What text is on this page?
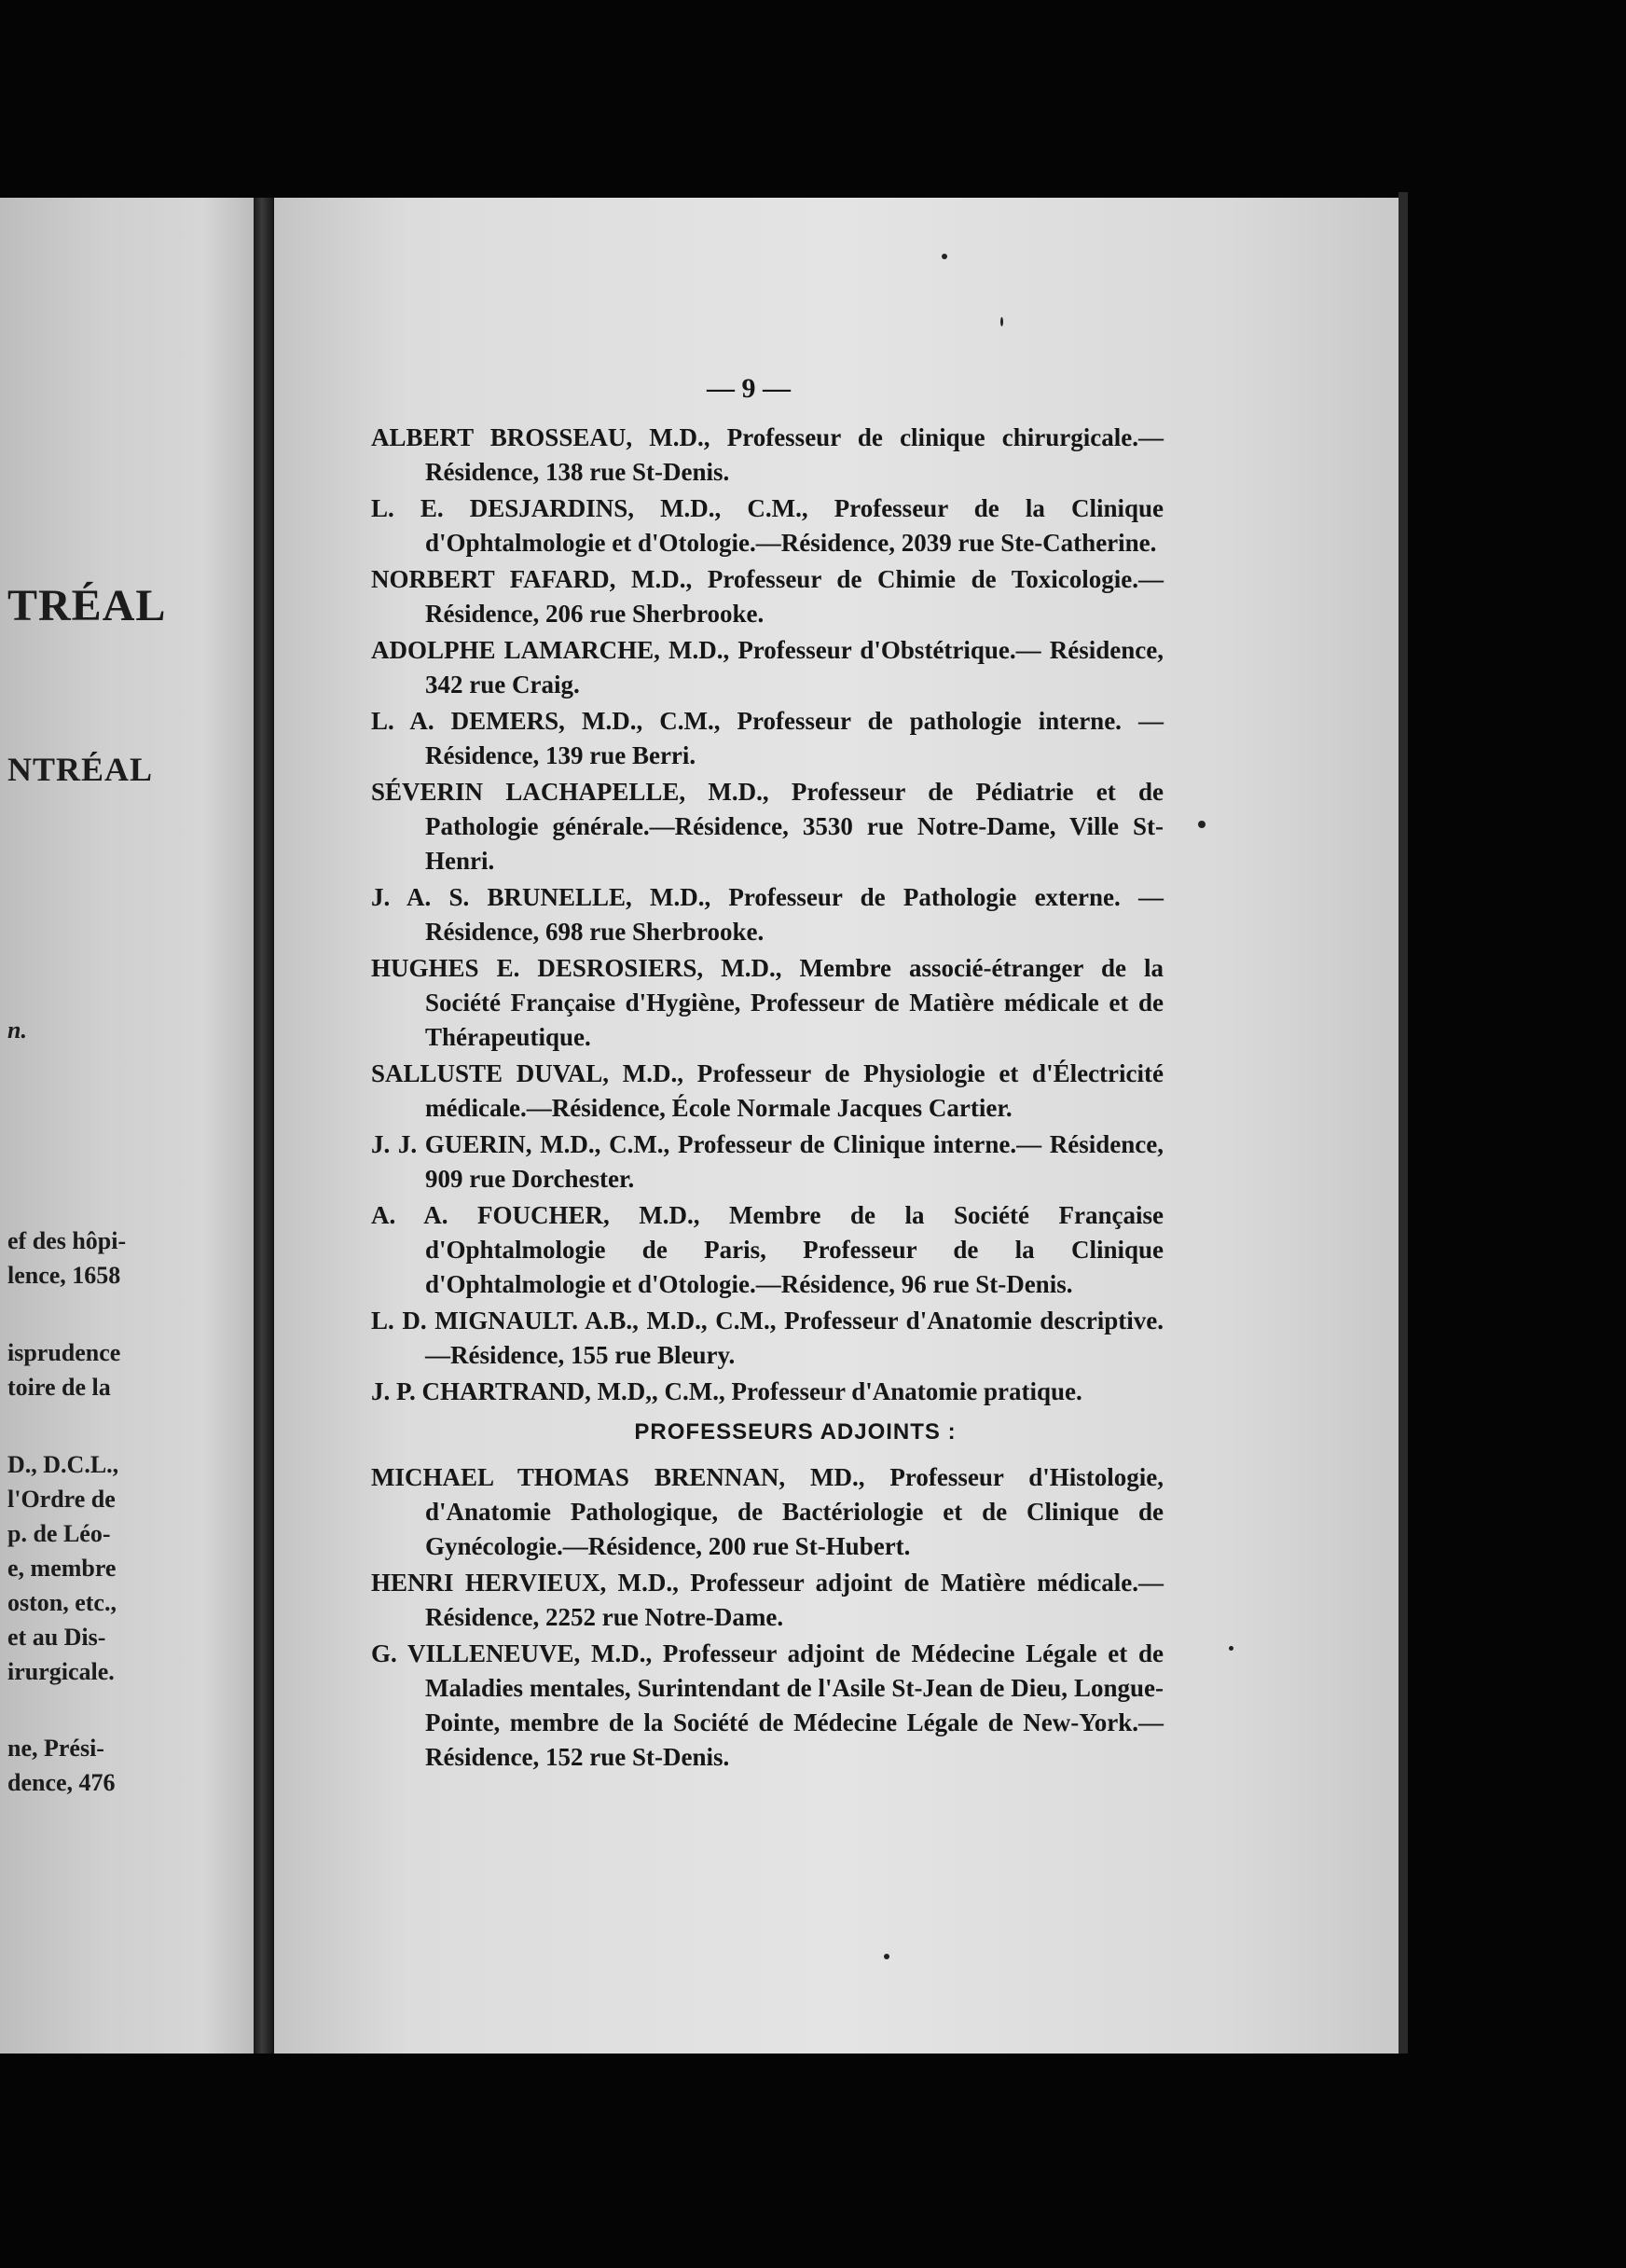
TRÉAL
NTRÉAL
n.
ef des hôpi-
lence, 1658
isprudence
toire de la
D., D.C.L.,
l'Ordre de
p. de Léo-
e, membre
oston, etc.,
et au Dis-
irurgicale.
ne, Prési-
dence, 476
— 9 —
ALBERT BROSSEAU, M.D., Professeur de clinique chirurgicale.—Résidence, 138 rue St-Denis.
L. E. DESJARDINS, M.D., C.M., Professeur de la Clinique d'Ophtalmologie et d'Otologie.—Résidence, 2039 rue Ste-Catherine.
NORBERT FAFARD, M.D., Professeur de Chimie de Toxicologie.—Résidence, 206 rue Sherbrooke.
ADOLPHE LAMARCHE, M.D., Professeur d'Obstétrique.— Résidence, 342 rue Craig.
L. A. DEMERS, M.D., C.M., Professeur de pathologie interne. —Résidence, 139 rue Berri.
SÉVERIN LACHAPELLE, M.D., Professeur de Pédiatrie et de Pathologie générale.—Résidence, 3530 rue Notre-Dame, Ville St-Henri.
J. A. S. BRUNELLE, M.D., Professeur de Pathologie externe. —Résidence, 698 rue Sherbrooke.
HUGHES E. DESROSIERS, M.D., Membre associé-étranger de la Société Française d'Hygiène, Professeur de Matière médicale et de Thérapeutique.
SALLUSTE DUVAL, M.D., Professeur de Physiologie et d'Électricité médicale.—Résidence, École Normale Jacques Cartier.
J. J. GUERIN, M.D., C.M., Professeur de Clinique interne.— Résidence, 909 rue Dorchester.
A. A. FOUCHER, M.D., Membre de la Société Française d'Ophtalmologie de Paris, Professeur de la Clinique d'Ophtalmologie et d'Otologie.—Résidence, 96 rue St-Denis.
L. D. MIGNAULT. A.B., M.D., C.M., Professeur d'Anatomie descriptive.—Résidence, 155 rue Bleury.
J. P. CHARTRAND, M.D,, C.M., Professeur d'Anatomie pratique.
PROFESSEURS ADJOINTS :
MICHAEL THOMAS BRENNAN, MD., Professeur d'Histologie, d'Anatomie Pathologique, de Bactériologie et de Clinique de Gynécologie.—Résidence, 200 rue St-Hubert.
HENRI HERVIEUX, M.D., Professeur adjoint de Matière médicale.—Résidence, 2252 rue Notre-Dame.
G. VILLENEUVE, M.D., Professeur adjoint de Médecine Légale et de Maladies mentales, Surintendant de l'Asile St-Jean de Dieu, Longue-Pointe, membre de la Société de Médecine Légale de New-York.—Résidence, 152 rue St-Denis.
